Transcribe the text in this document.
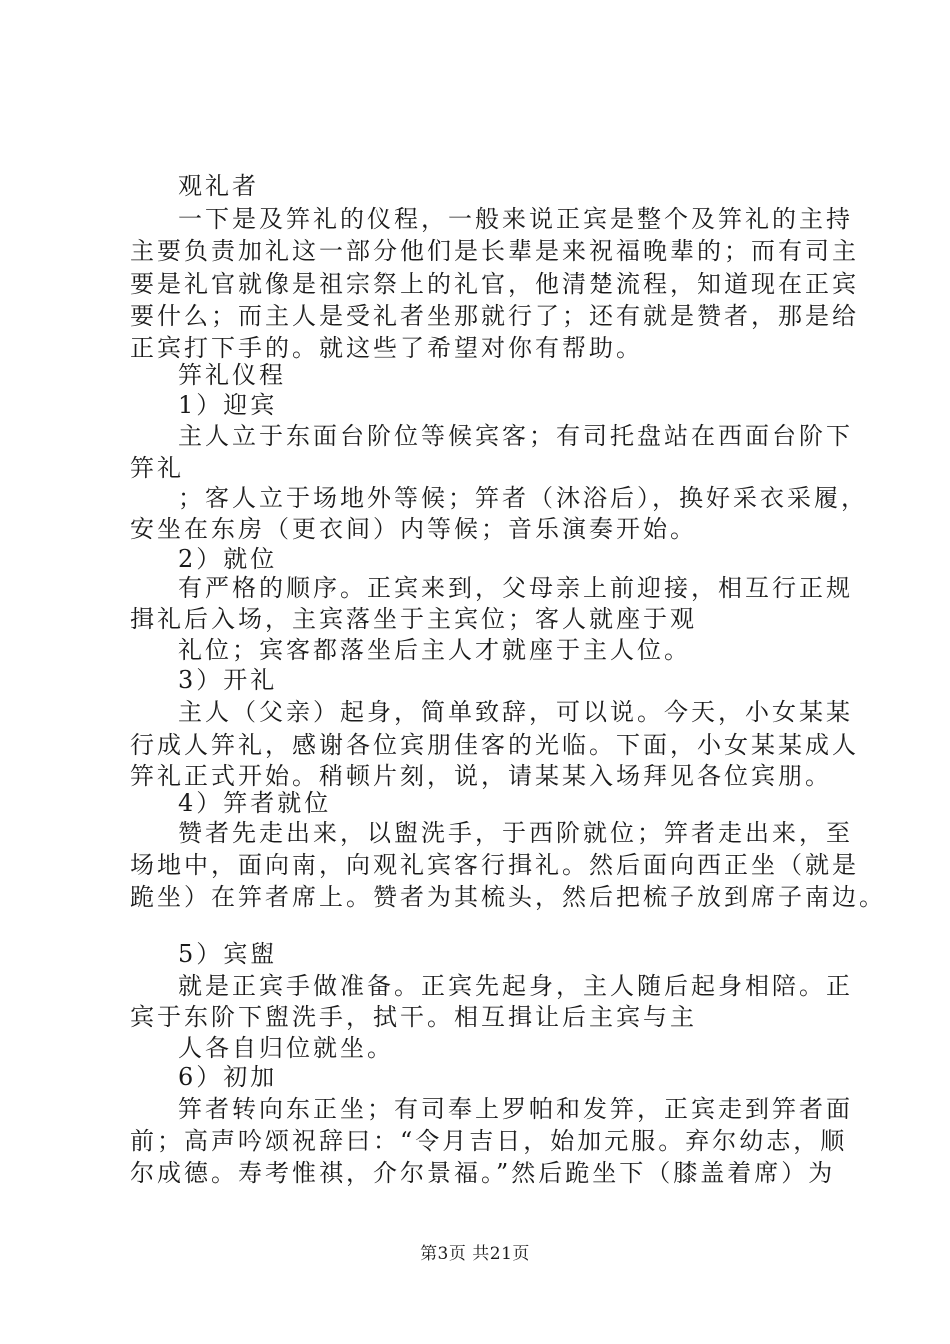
观礼者
一下是及笄礼的仪程，一般来说正宾是整个及笄礼的主持
主要负责加礼这一部分他们是长辈是来祝福晚辈的；而有司主
要是礼官就像是祖宗祭上的礼官，他清楚流程，知道现在正宾
要什么；而主人是受礼者坐那就行了；还有就是赞者，那是给
正宾打下手的。就这些了希望对你有帮助。
笄礼仪程
1）迎宾
主人立于东面台阶位等候宾客；有司托盘站在西面台阶下
笄礼
；客人立于场地外等候；笄者（沐浴后），换好采衣采履，
安坐在东房（更衣间）内等候；音乐演奏开始。
2）就位
有严格的顺序。正宾来到，父母亲上前迎接，相互行正规
揖礼后入场，主宾落坐于主宾位；客人就座于观
礼位；宾客都落坐后主人才就座于主人位。
3）开礼
主人（父亲）起身，简单致辞，可以说。今天，小女某某
行成人笄礼，感谢各位宾朋佳客的光临。下面，小女某某成人
笄礼正式开始。稍顿片刻，说，请某某入场拜见各位宾朋。
4）笄者就位
赞者先走出来，以盥洗手，于西阶就位；笄者走出来，至
场地中，面向南，向观礼宾客行揖礼。然后面向西正坐（就是
跪坐）在笄者席上。赞者为其梳头，然后把梳子放到席子南边。
5）宾盥
就是正宾手做准备。正宾先起身，主人随后起身相陪。正
宾于东阶下盥洗手，拭干。相互揖让后主宾与主
人各自归位就坐。
6）初加
笄者转向东正坐；有司奉上罗帕和发笄，正宾走到笄者面
前；高声吟颂祝辞曰：“令月吉日，始加元服。弃尔幼志，顺
尔成德。寿考惟祺，介尔景福。”然后跪坐下（膝盖着席）为
第3页 共21页
